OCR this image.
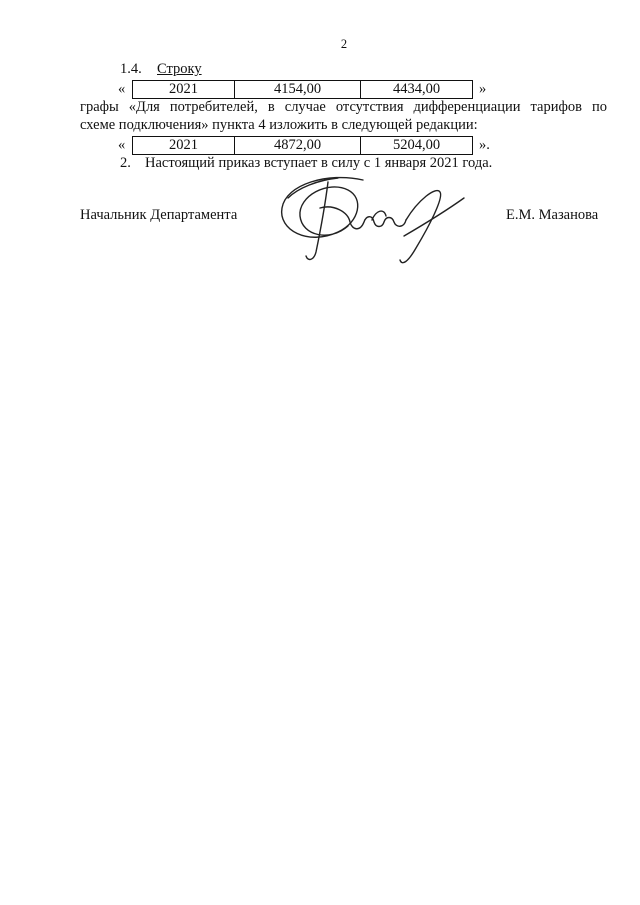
2
1.4. Строку
«	2021	4154,00	4434,00	»
графы «Для потребителей, в случае отсутствия дифференциации тарифов по
схеме подключения» пункта 4 изложить в следующей редакции:
«	2021	4872,00	5204,00	».
2. Настоящий приказ вступает в силу с 1 января 2021 года.
Начальник Департамента	Е.М. Мазанова
